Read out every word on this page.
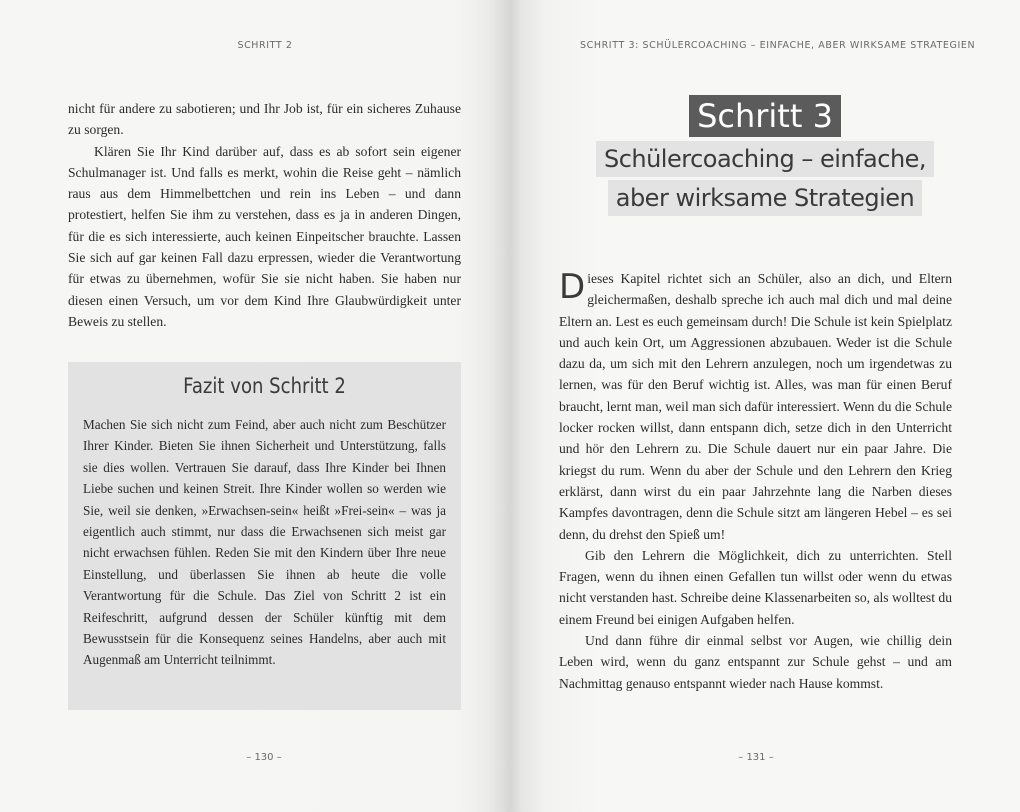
SCHRITT 2

nicht für andere zu sabotieren; und Ihr Job ist, für ein sicheres Zuhause zu sorgen.

Klären Sie Ihr Kind darüber auf, dass es ab sofort sein eigener Schulmanager ist. Und falls es merkt, wohin die Reise geht – nämlich raus aus dem Himmelbettchen und rein ins Leben – und dann protestiert, helfen Sie ihm zu verstehen, dass es ja in anderen Dingen, für die es sich interessierte, auch keinen Einpeitscher brauchte. Lassen Sie sich auf gar keinen Fall dazu erpressen, wieder die Verantwortung für etwas zu übernehmen, wofür Sie sie nicht haben. Sie haben nur diesen einen Versuch, um vor dem Kind Ihre Glaubwürdigkeit unter Beweis zu stellen.

Fazit von Schritt 2
Machen Sie sich nicht zum Feind, aber auch nicht zum Beschützer Ihrer Kinder. Bieten Sie ihnen Sicherheit und Unterstützung, falls sie dies wollen. Vertrauen Sie darauf, dass Ihre Kinder bei Ihnen Liebe suchen und keinen Streit. Ihre Kinder wollen so werden wie Sie, weil sie denken, »Erwachsen-sein« heißt »Frei-sein« – was ja eigentlich auch stimmt, nur dass die Erwachsenen sich meist gar nicht erwachsen fühlen. Reden Sie mit den Kindern über Ihre neue Einstellung, und überlassen Sie ihnen ab heute die volle Verantwortung für die Schule. Das Ziel von Schritt 2 ist ein Reifeschritt, aufgrund dessen der Schüler künftig mit dem Bewusstsein für die Konsequenz seines Handelns, aber auch mit Augenmaß am Unterricht teilnimmt.
– 130 –
SCHRITT 3: SCHÜLERCOACHING – EINFACHE, ABER WIRKSAME STRATEGIEN
Schritt 3
Schülercoaching – einfache,
aber wirksame Strategien

Dieses Kapitel richtet sich an Schüler, also an dich, und Eltern gleichermaßen, deshalb spreche ich auch mal dich und mal deine Eltern an. Lest es euch gemeinsam durch! Die Schule ist kein Spielplatz und auch kein Ort, um Aggressionen abzubauen. Weder ist die Schule dazu da, um sich mit den Lehrern anzulegen, noch um irgendetwas zu lernen, was für den Beruf wichtig ist. Alles, was man für einen Beruf braucht, lernt man, weil man sich dafür interessiert. Wenn du die Schule locker rocken willst, dann entspann dich, setze dich in den Unterricht und hör den Lehrern zu. Die Schule dauert nur ein paar Jahre. Die kriegst du rum. Wenn du aber der Schule und den Lehrern den Krieg erklärst, dann wirst du ein paar Jahrzehnte lang die Narben dieses Kampfes davontragen, denn die Schule sitzt am längeren Hebel – es sei denn, du drehst den Spieß um!

Gib den Lehrern die Möglichkeit, dich zu unterrichten. Stell Fragen, wenn du ihnen einen Gefallen tun willst oder wenn du etwas nicht verstanden hast. Schreibe deine Klassenarbeiten so, als wolltest du einem Freund bei einigen Aufgaben helfen.

Und dann führe dir einmal selbst vor Augen, wie chillig dein Leben wird, wenn du ganz entspannt zur Schule gehst – und am Nachmittag genauso entspannt wieder nach Hause kommst.

– 131 –
